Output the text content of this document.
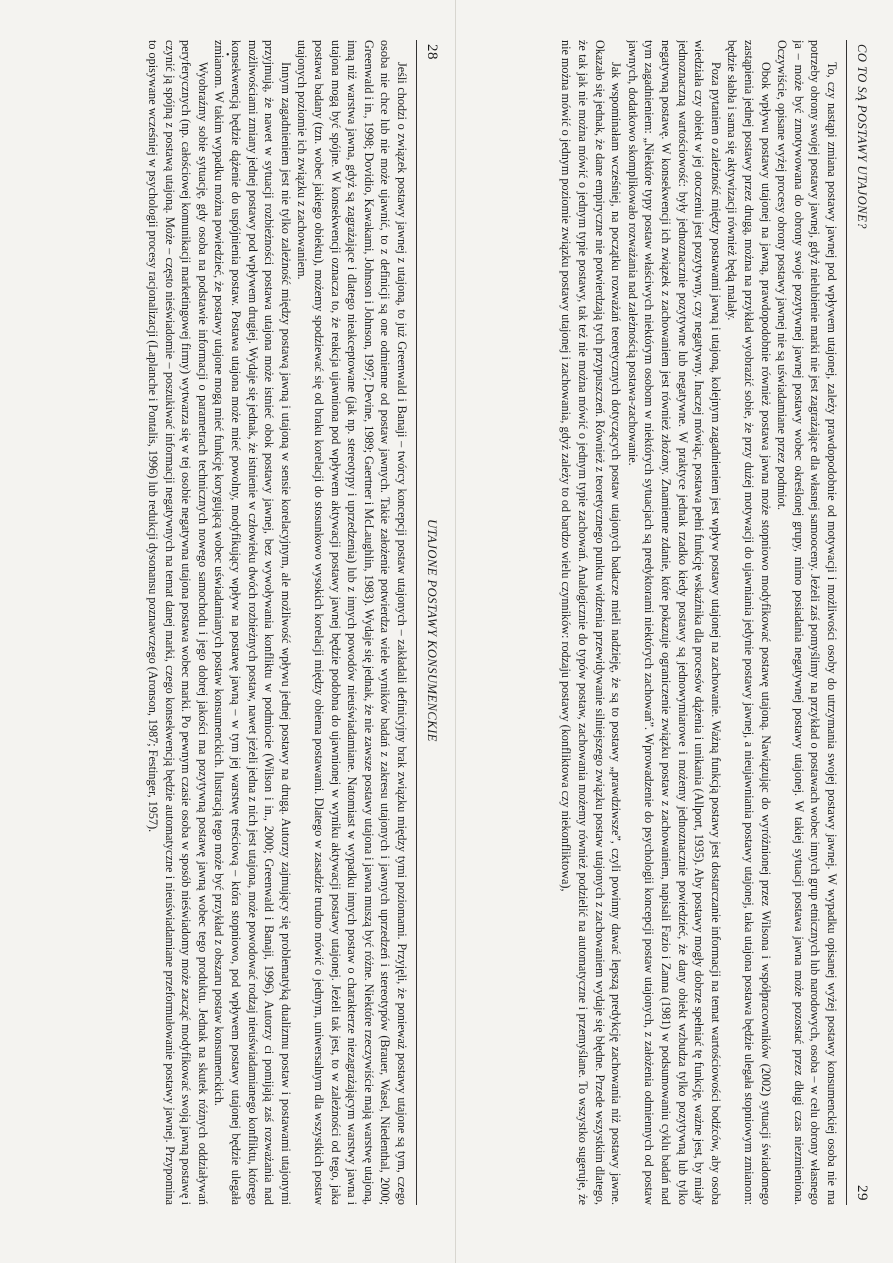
•	28
UTAJONE POSTAWY KONSUMENCKIE

Jeśli chodzi o związek postawy jawnej z utajoną, to już Greenwald i Banaji – twórcy koncepcji postaw utajonych – zakładali definicyjny brak związku między tymi poziomami. Przyjęli, że ponieważ postawy utajone są tym, czego osoba nie chce lub nie może ujawnić, to z definicji są one odmienne od postaw jawnych. Takie założenie potwierdza wiele wyników badań z zakresu utajonych i jawnych uprzedzeń i stereotypów (Brauer, Wasel, Niedenthal, 2000; Greenwald i in., 1998; Dovidio, Kawakami, Johnson i Johnson, 1997; Devine, 1989; Gaertner i McLaughlin, 1983). Wydaje się jednak, że nie zawsze postawy utajona i jawna muszą być różne. Niektóre rzeczywiście mają warstwę utajoną, inną niż warstwa jawna, gdyż są zagrażające i dlatego nieakceptowane (jak np. stereotypy i uprzedzenia) lub z innych powodów nieuświadamiane. Natomiast w wypadku innych postaw o charakterze niezagrażającym warstwy jawna i utajona mogą być spójne. W konsekwencji oznacza to, że reakcja ujawniona pod wpływem aktywacji postawy jawnej będzie podobna do ujawnionej w wyniku aktywacji postawy utajonej. Jeżeli tak jest, to w zależności od tego, jaka postawa badany (tzn. wobec jakiego obiektu), możemy spodziewać się od braku korelacji do stosunkowo wysokich korelacji między obiema postawami. Dlatego w zasadzie trudno mówić o jednym, uniwersalnym dla wszystkich postaw utajonych poziomie ich związku z zachowaniem.

Innym zagadnieniem jest nie tylko zależność między postawą jawną i utajoną w sensie korelacyjnym, ale możliwość wpływu jednej postawy na drugą. Autorzy zajmujący się problematyką dualizmu postaw i postawami utajonymi przyjmują, że nawet w sytuacji rozbieżności postawa utajona może istnieć obok postawy jawnej, bez wywoływania konfliktu w podmiocie (Wilson i in., 2000; Greenwald i Banaji, 1996). Autorzy ci pomijają zaś rozważania nad możliwościami zmiany jednej postawy pod wpływem drugiej. Wydaje się jednak, że istnienie w człowieku dwóch rozbieżnych postaw, nawet jeżeli jedna z nich jest utajona, może powodować rodzaj nieuświadamianego konfliktu, którego konsekwencją będzie dążenie do uspójnienia postaw. Postawa utajona może mieć powolny, modyfikujący wpływ na postawę jawną – w tym jej warstwę treściową – która stopniowo, pod wpływem postawy utajonej będzie ulegała zmianom. W takim wypadku można powiedzieć, że postawy utajone mogą mieć funkcję korygującą wobec uświadamianych postaw konsumenckich. Ilustracją tego może być przykład z obszaru postaw konsumenckich.

Wyobraźmy sobie sytuację, gdy osoba na podstawie informacji o parametrach technicznych nowego samochodu i jego dobrej jakości ma pozytywną postawę jawną wobec tego produktu. Jednak na skutek różnych oddziaływań peryferycznych (np. całościowej komunikacji marketingowej firmy) wytwarza się w tej osobie negatywna utajona postawa wobec marki. Po pewnym czasie osoba w sposób nieświadomy może zacząć modyfikować swoją jawną postawę i czynić ją spójną z postawą utajoną. Może – często nieświadomie – poszukiwać informacji negatywnych na temat danej marki, czego konsekwencją będzie automatyczne i nieuświadamiane przeformułowanie postawy jawnej. Przypomina to opisywane wcześniej w psychologii procesy racjonalizacji (Laplanche i Pontalis, 1996) lub redukcji dysonansu poznawczego (Aronson, 1987; Festinger, 1957).	CO TO SĄ POSTAWY UTAJONE?
29

To, czy nastąpi zmiana postawy jawnej pod wpływem utajonej, zależy prawdopodobnie od motywacji i możliwości osoby do utrzymania swojej postawy jawnej. W wypadku opisanej wyżej postawy konsumenckiej osoba nie ma potrzeby obrony swojej postawy jawnej, gdyż nielubienie marki nie jest zagrażające dla własnej samooceny. Jeżeli zaś pomyślimy na przykład o postawach wobec innych grup etnicznych lub narodowych, osoba – w celu obrony własnego ja – może być zmotywowana do obrony swoje pozytywnej jawnej postawy wobec określonej grupy, mimo posiadania negatywnej postawy utajonej. W takiej sytuacji postawa jawna może pozostać przez długi czas niezmieniona. Oczywiście, opisane wyżej procesy obrony postawy jawnej nie są uświadamiane przez podmiot.

Obok wpływu postawy utajonej na jawną, prawdopodobnie również postawa jawna może stopniowo modyfikować postawę utajoną. Nawiązując do wyróżnionej przez Wilsona i współpracowników (2002) sytuacji świadomego zastąpienia jednej postawy przez drugą, można na przykład wyobrazić sobie, że przy dużej motywacji do ujawniania jedynie postawy jawnej, a nieujawniania postawy utajonej, taka utajona postawa będzie ulegała stopniowym zmianom: będzie słabła i sama się aktywizacji również będą malały.

Poza pytaniem o zależność między postawami jawną i utajoną, kolejnym zagadnieniem jest wpływ postawy utajonej na zachowanie. Ważną funkcją postawy jest dostarczanie informacji na temat wartościowości bodźców, aby osoba wiedziała czy obiekt w jej otoczeniu jest pozytywny, czy negatywny. Inaczej mówiąc, postawa pełni funkcję wskaźnika dla procesów dążenia i unikania (Allport, 1935). Aby postawy mogły dobrze spełniać tę funkcję, ważne jest, by miały jednoznaczną wartościowość: były jednoznacznie pozytywne lub negatywne. W praktyce jednak rzadko kiedy postawy są jednowymiarowe i możemy jednoznacznie powiedzieć, że dany obiekt wzbudza tylko pozytywną lub tylko negatywną postawę. W konsekwencji ich związek z zachowaniem jest również złożony. Znamienne zdanie, które pokazuje ograniczenie związku postaw z zachowaniem, napisali Fazio i Zanna (1981) w podsumowaniu cyklu badań nad tym zagadnieniem: „Niektóre typy postaw właściwych niektórym osobom w niektórych sytuacjach są predyktorami niektórych zachowań”. Wprowadzenie do psychologii koncepcji postaw utajonych, z założenia odmiennych od postaw jawnych, dodatkowo skomplikowało rozważania nad zależnością postawa-zachowanie.

Jak wspominałam wcześniej, na początku rozważań teoretycznych dotyczących postaw utajonych badacze mieli nadzieję, że są to postawy „prawdziwsze”, czyli powinny dawać lepszą predykcję zachowania niż postawy jawne. Okazało się jednak, że dane empiryczne nie potwierdzają tych przypuszczeń. Również z teoretycznego punktu widzenia przewidywanie silniejszego związku postaw utajonych z zachowaniem wydaje się błędne. Przede wszystkim dlatego, że tak jak nie można mówić o jednym typie postawy, tak też nie można mówić o jednym typie zachowań. Analogicznie do typów postaw, zachowania możemy również podzielić na automatyczne i przemyślane. To wszystko sugeruje, że nie można mówić o jednym poziomie związku postawy utajonej i zachowania, gdyż zależy to od bardzo wielu czynników: rodzaju postawy (konfliktowa czy niekonfliktowa),
